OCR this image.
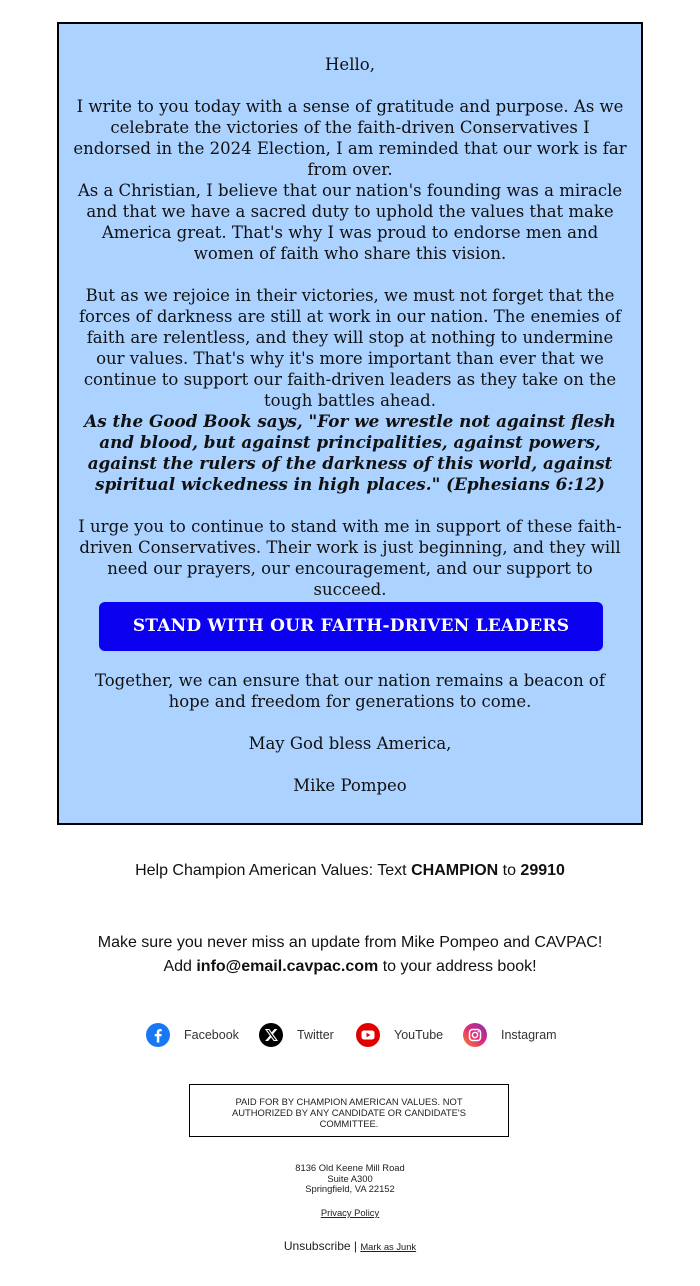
Hello,

I write to you today with a sense of gratitude and purpose. As we celebrate the victories of the faith-driven Conservatives I endorsed in the 2024 Election, I am reminded that our work is far from over.

As a Christian, I believe that our nation's founding was a miracle and that we have a sacred duty to uphold the values that make America great. That's why I was proud to endorse men and women of faith who share this vision.

But as we rejoice in their victories, we must not forget that the forces of darkness are still at work in our nation. The enemies of faith are relentless, and they will stop at nothing to undermine our values. That's why it's more important than ever that we continue to support our faith-driven leaders as they take on the tough battles ahead.

As the Good Book says, "For we wrestle not against flesh and blood, but against principalities, against powers, against the rulers of the darkness of this world, against spiritual wickedness in high places." (Ephesians 6:12)

I urge you to continue to stand with me in support of these faith-driven Conservatives. Their work is just beginning, and they will need our prayers, our encouragement, and our support to succeed.

STAND WITH OUR FAITH-DRIVEN LEADERS

Together, we can ensure that our nation remains a beacon of hope and freedom for generations to come.

May God bless America,

Mike Pompeo

Help Champion American Values: Text CHAMPION to 29910
Make sure you never miss an update from Mike Pompeo and CAVPAC!
Add info@email.cavpac.com to your address book!
Facebook	Twitter	YouTube	Instagram
PAID FOR BY CHAMPION AMERICAN VALUES. NOT AUTHORIZED BY ANY CANDIDATE OR CANDIDATE'S COMMITTEE.
8136 Old Keene Mill Road
Suite A300
Springfield, VA 22152
Privacy Policy
Unsubscribe | Mark as Junk
